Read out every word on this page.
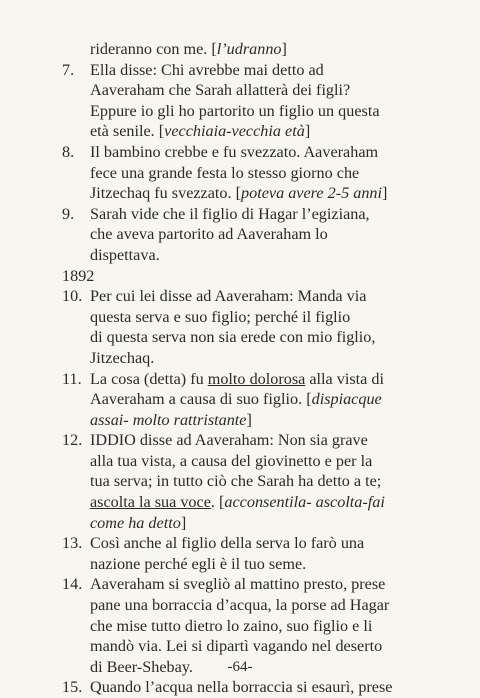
rideranno con me. [l’udranno]
7. Ella disse: Chi avrebbe mai detto ad
Aaveraham che Sarah allatterà dei figli?
Eppure io gli ho partorito un figlio un questa
età senile. [vecchiaia-vecchia età]
8. Il bambino crebbe e fu svezzato. Aaveraham
fece una grande festa lo stesso giorno che
Jitzechaq fu svezzato. [poteva avere 2-5 anni]
9. Sarah vide che il figlio di Hagar l’egiziana,
che aveva partorito ad Aaveraham lo
dispettava.
1892
10. Per cui lei disse ad Aaveraham: Manda via
questa serva e suo figlio; perché il figlio
di questa serva non sia erede con mio figlio,
Jitzechaq.
11. La cosa (detta) fu molto dolorosa alla vista di
Aaveraham a causa di suo figlio. [dispiacque
assai- molto rattristante]
12. IDDIO disse ad Aaveraham: Non sia grave
alla tua vista, a causa del giovinetto e per la
tua serva; in tutto ciò che Sarah ha detto a te;
ascolta la sua voce. [acconsentila- ascolta-fai
come ha detto]
13. Così anche al figlio della serva lo farò una
nazione perché egli è il tuo seme.
14. Aaveraham si svegliò al mattino presto, prese
pane una borraccia d’acqua, la porse ad Hagar
che mise tutto dietro lo zaino, suo figlio e li
mandò via. Lei si dipartì vagando nel deserto
di Beer-Shebay.
15. Quando l’acqua nella borraccia si esaurì, prese
-64-
